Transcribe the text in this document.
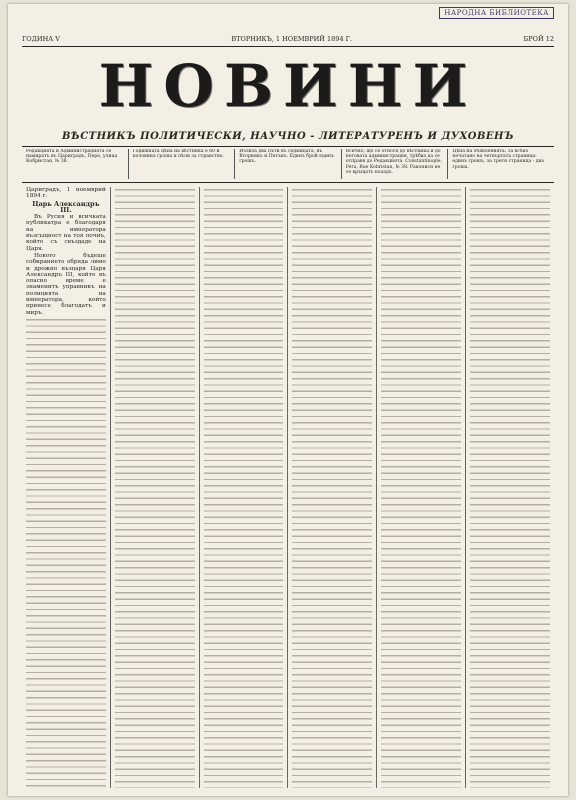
НАРОДНА БИБЛИОТЕКА
ГОДИНА V	ВТОРНИКЪ, 1 НОЕМВРИЙ 1894 Г.	БРОЙ 12
НОВИНИ
ВѢСТНИКЪ ПОЛИТИЧЕСКИ, НАУЧНО - ЛИТЕРАТУРЕНЪ И ДУХОВЕНЪ
Редакцията и Администрацията се намиратъ въ Цариградъ, Пера, улица Кобристан, № 38.
Годишната цѣна на вѣстника е 60 и половина гроша и пѣли за странство.
Излиза два пъти въ седмицата, въ Вторникъ и Петъкъ. Единъ брой единъ грошъ.
Всичко, що се относя до вѣстника и до неговата администрация, трѣбва да се отправя до Редакцията. Constantinople, Pera, Rue Kobristan, № 38. Ракописи не се връщатъ назадъ.
Цѣна на обявленията: За всѣко печатано на четвъртата страница: единъ грошъ, за трети страница - два гроша.

Цариградъ, 1 ноемврий 1894 г.

Царь Александръ III.

Въ Русия и всичката публикатра е благодаря на императора възсъщност на тоя почиъ, който съ свъздаде на Царя.

Новото бъдеще собиранието обряда лимо и дрожно възцаря Царя Александръ III, който въ опасно време е знаменитъ управникъ на полицията на императора, който принесе благодатъ и миръ.
